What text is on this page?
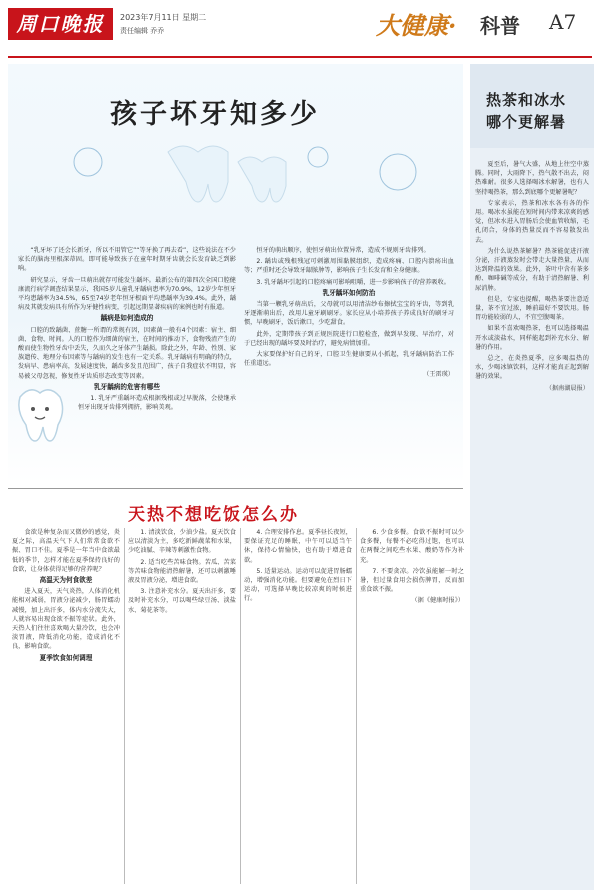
周口晚报	2023年7月11日 星期二
责任编辑 乔乔	大健康· 科普 A7
孩子坏牙知多少

“乳牙坏了还会长新牙，所以不用管它”“等牙换了再去看”，这些说法在不少家长的脑海里根深蒂固。即可能导致孩子在童年时期牙齿就会长发育缺乏到影响。

研究显示，牙齿一旦萌出就存可能发生龋坏。最新公布的第四次全国口腔健康流行病学调查结果显示，我国5岁儿童乳牙龋病患率为70.9%，12岁少年恒牙平均患龋率为34.5%，65至74岁老年恒牙根面平均患龋率为39.4%。此外，龋病及其就发病具有所作为牙健性病变，引起远期显著疾病的案例也时有报道。

龋病是如何造成的

口腔的致龋菌、蔗糖一所谓的常规有因，因素菌一般有4个因素：宿主、细菌、食物、时间。人的口腔作为细菌的宿主，在时间的推动下，食物残渣产生的酸而使生物性牙齿中丢失，久而久之牙体产生龋损。除此之外，年龄、性别、家族遗传、地理分布因素等与龋病的发生也有一定关系。乳牙龋病有明确的特点，发病早、患病率高，发展速度快，龋齿多发且范围广，孩子自我症状不明显，容易被父母忽视，修复性牙齿质形态改变等因素。

乳牙龋病的危害有哪些

1. 乳牙严重龋坏造成根据残根或过早脱落，会使继承恒牙出现牙齿排列拥挤，影响美观。

恒牙的萌出顺序，使恒牙萌出位置异常，造成不规则牙齿排列。

2. 龋齿或残根残冠可刺激周围黏膜组织，造成疼痛、口腔内溃疡出血等；严重时还会导致牙龈脓肿等，影响孩子生长发育和全身健康。

3. 乳牙龋坏引起的口腔疼痛可影响咀嚼，进一步影响孩子的营养吸收。

乳牙龋坏如何防治

当第一颗乳牙萌出后，父母就可以用清洁纱布擦拭宝宝的牙齿，等到乳牙逐渐萌出后，改用儿童牙刷刷牙。家长应从小培养孩子养成良好的刷牙习惯，早晚刷牙，饭后漱口，少吃甜食。

此外，定期带孩子到正规医院进行口腔检查，做到早发现、早治疗，对于已经出现的龋坏要及时治疗，避免病情加重。

大家要保护好自己的牙，口腔卫生健康要从小抓起，乳牙龋病防治工作任重道远。

（王雷瑛）
天热不想吃饭怎么办

食欲是种复杂而又微妙的感觉，炎夏之际，高温天气下人们常常食欲不振、胃口不佳。夏季是一年当中食欲最低的季节，怎样才能在夏季保持良好的食欲，让身体获得足够的营养呢？

高温天为何食欲差

进入夏天，天气炎热，人体消化机能相对减弱，胃液分泌减少，肠胃蠕动减慢，加上出汗多，体内水分流失大，人就容易出现食欲不振等症状。此外，天热人们往往喜欢喝大量冷饮，也会冲淡胃液，降低消化功能，造成消化不良，影响食欲。

夏季饮食如何调理

1. 清淡饮食，少油少盐。夏天饮食应以清淡为主，多吃新鲜蔬菜和水果，少吃油腻、辛辣等刺激性食物。

2. 适当吃些苦味食物。苦瓜、苦菜等苦味食物能清热解暑，还可以刺激唾液及胃液分泌，增进食欲。

3. 注意补充水分。夏天出汗多，要及时补充水分，可以喝些绿豆汤、淡盐水、菊花茶等。

4. 合理安排作息。夏季昼长夜短，要保证充足的睡眠，中午可以适当午休，保持心情愉快，也有助于增进食欲。

5. 适量运动。运动可以促进胃肠蠕动，增强消化功能。但要避免在烈日下运动，可选择早晚比较凉爽的时候进行。

6. 少食多餐。食欲不振时可以少食多餐，每餐不必吃得过饱，也可以在两餐之间吃些水果、酸奶等作为补充。

7. 不要贪凉。冷饮虽能解一时之暑，但过量食用会损伤脾胃，反而加重食欲不振。

（据《健康时报》）
热茶和冰水
哪个更解暑

夏至后，暑气大盛，从地上往空中蒸腾。同时，大雨降下，热气散不出去，闷热难耐。很多人选择喝冰水解暑，也有人坚持喝热茶，那么到底哪个更解暑呢？

专家表示，热茶和冰水各有各的作用。喝冰水虽能在短时间内带来凉爽的感觉，但冰水进入胃肠后会使血管收缩，毛孔闭合，身体的热量反而不容易散发出去。

为什么说热茶解暑？热茶能促进汗液分泌，汗液蒸发时会带走大量热量，从而达到降温的效果。此外，茶叶中含有茶多酚、咖啡碱等成分，有助于清热解暑、利尿消肿。

但是，专家也提醒，喝热茶要注意适量，茶不宜过浓，睡前最好不要饮用。肠胃功能较弱的人，不宜空腹喝茶。

如果不喜欢喝热茶，也可以选择喝温开水或淡盐水，同样能起到补充水分、解暑的作用。

总之，在炎热夏季，应多喝温热的水，少喝冰镇饮料，这样才能真正起到解暑的效果。

（据南湖晨报）
